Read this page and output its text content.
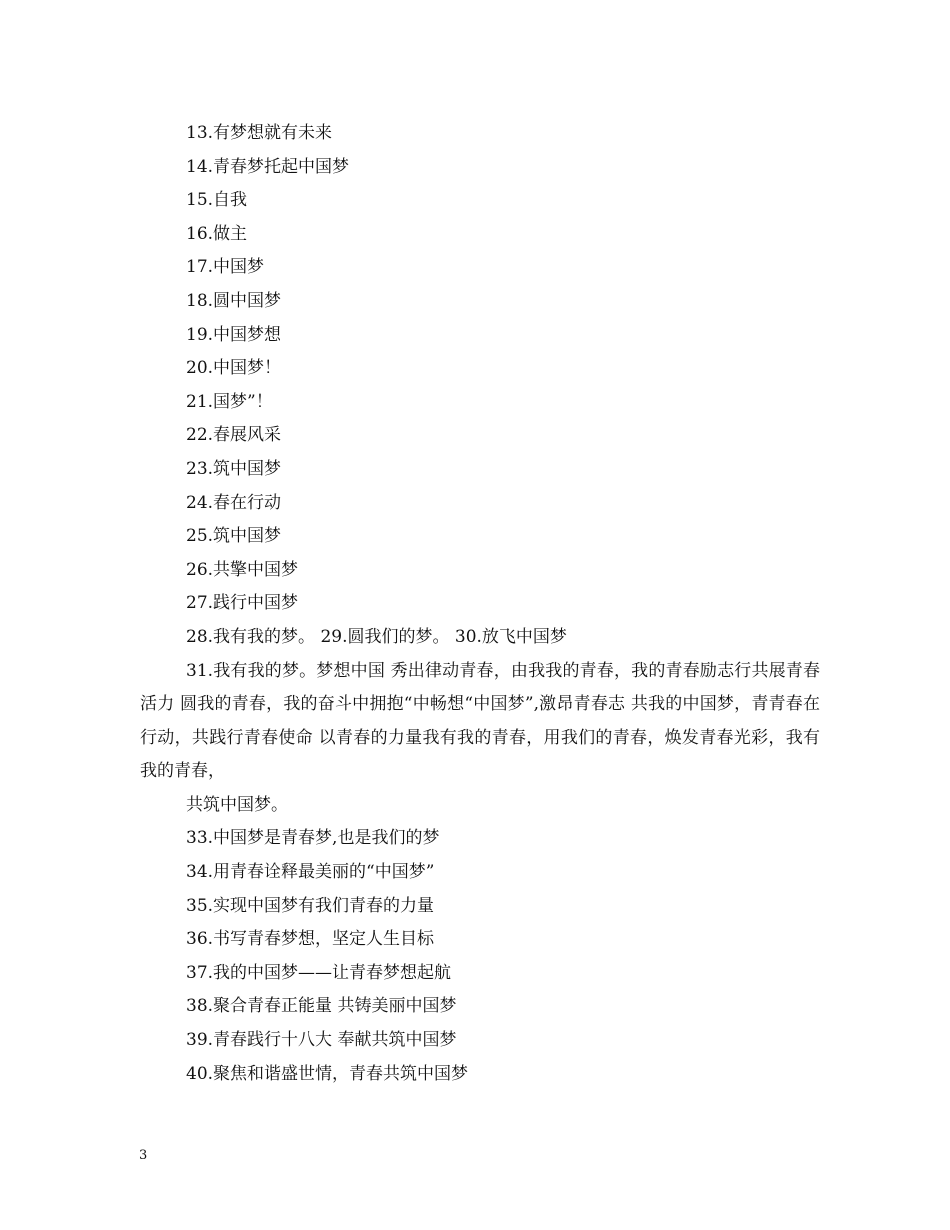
13.有梦想就有未来
14.青春梦托起中国梦
15.自我
16.做主
17.中国梦
18.圆中国梦
19.中国梦想
20.中国梦！
21.国梦”！
22.春展风采
23.筑中国梦
24.春在行动
25.筑中国梦
26.共擎中国梦
27.践行中国梦
28.我有我的梦。 29.圆我们的梦。 30.放飞中国梦
31.我有我的梦。梦想中国 秀出律动青春，由我我的青春，我的青春励志行共展青春活力 圆我的青春，我的奋斗中拥抱“中畅想“中国梦”,激昂青春志 共我的中国梦，青青春在行动，共践行青春使命 以青春的力量我有我的青春，用我们的青春，焕发青春光彩，我有我的青春，
共筑中国梦。
33.中国梦是青春梦,也是我们的梦
34.用青春诠释最美丽的“中国梦”
35.实现中国梦有我们青春的力量
36.书写青春梦想，坚定人生目标
37.我的中国梦——让青春梦想起航
38.聚合青春正能量 共铸美丽中国梦
39.青春践行十八大 奉献共筑中国梦
40.聚焦和谐盛世情，青春共筑中国梦
3
